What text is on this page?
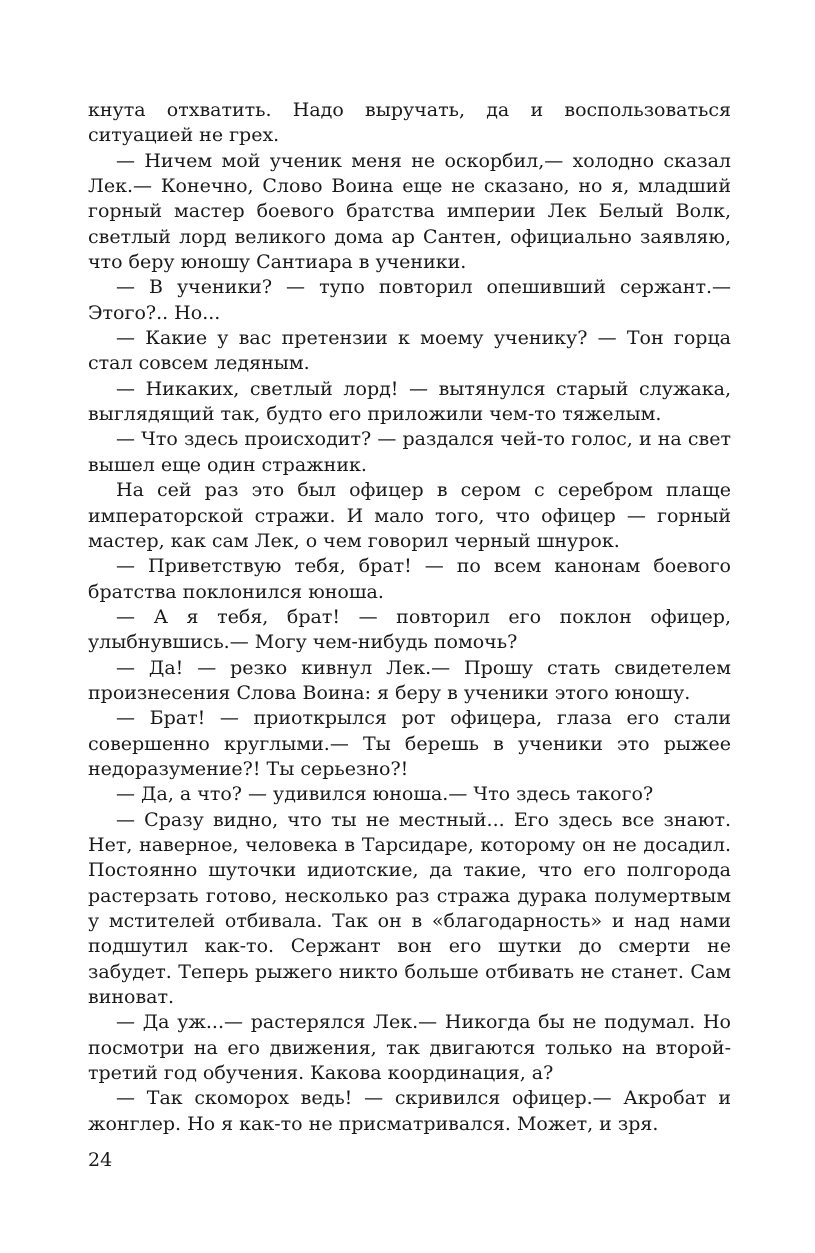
кнута отхватить. Надо выручать, да и воспользоваться ситуацией не грех.

— Ничем мой ученик меня не оскорбил,— холодно сказал Лек.— Конечно, Слово Воина еще не сказано, но я, младший горный мастер боевого братства империи Лек Белый Волк, светлый лорд великого дома ар Сантен, официально заявляю, что беру юношу Сантиара в ученики.

— В ученики? — тупо повторил опешивший сержант.— Этого?.. Но...

— Какие у вас претензии к моему ученику? — Тон горца стал совсем ледяным.

— Никаких, светлый лорд! — вытянулся старый служака, выглядящий так, будто его приложили чем-то тяжелым.

— Что здесь происходит? — раздался чей-то голос, и на свет вышел еще один стражник.

На сей раз это был офицер в сером с серебром плаще императорской стражи. И мало того, что офицер — горный мастер, как сам Лек, о чем говорил черный шнурок.

— Приветствую тебя, брат! — по всем канонам боевого братства поклонился юноша.

— А я тебя, брат! — повторил его поклон офицер, улыбнувшись.— Могу чем-нибудь помочь?

— Да! — резко кивнул Лек.— Прошу стать свидетелем произнесения Слова Воина: я беру в ученики этого юношу.

— Брат! — приоткрылся рот офицера, глаза его стали совершенно круглыми.— Ты берешь в ученики это рыжее недоразумение?! Ты серьезно?!

— Да, а что? — удивился юноша.— Что здесь такого?

— Сразу видно, что ты не местный... Его здесь все знают. Нет, наверное, человека в Тарсидаре, которому он не досадил. Постоянно шуточки идиотские, да такие, что его полгорода растерзать готово, несколько раз стража дурака полумертвым у мстителей отбивала. Так он в «благодарность» и над нами подшутил как-то. Сержант вон его шутки до смерти не забудет. Теперь рыжего никто больше отбивать не станет. Сам виноват.

— Да уж...— растерялся Лек.— Никогда бы не подумал. Но посмотри на его движения, так двигаются только на второй-третий год обучения. Какова координация, а?

— Так скоморох ведь! — скривился офицер.— Акробат и жонглер. Но я как-то не присматривался. Может, и зря.

24
